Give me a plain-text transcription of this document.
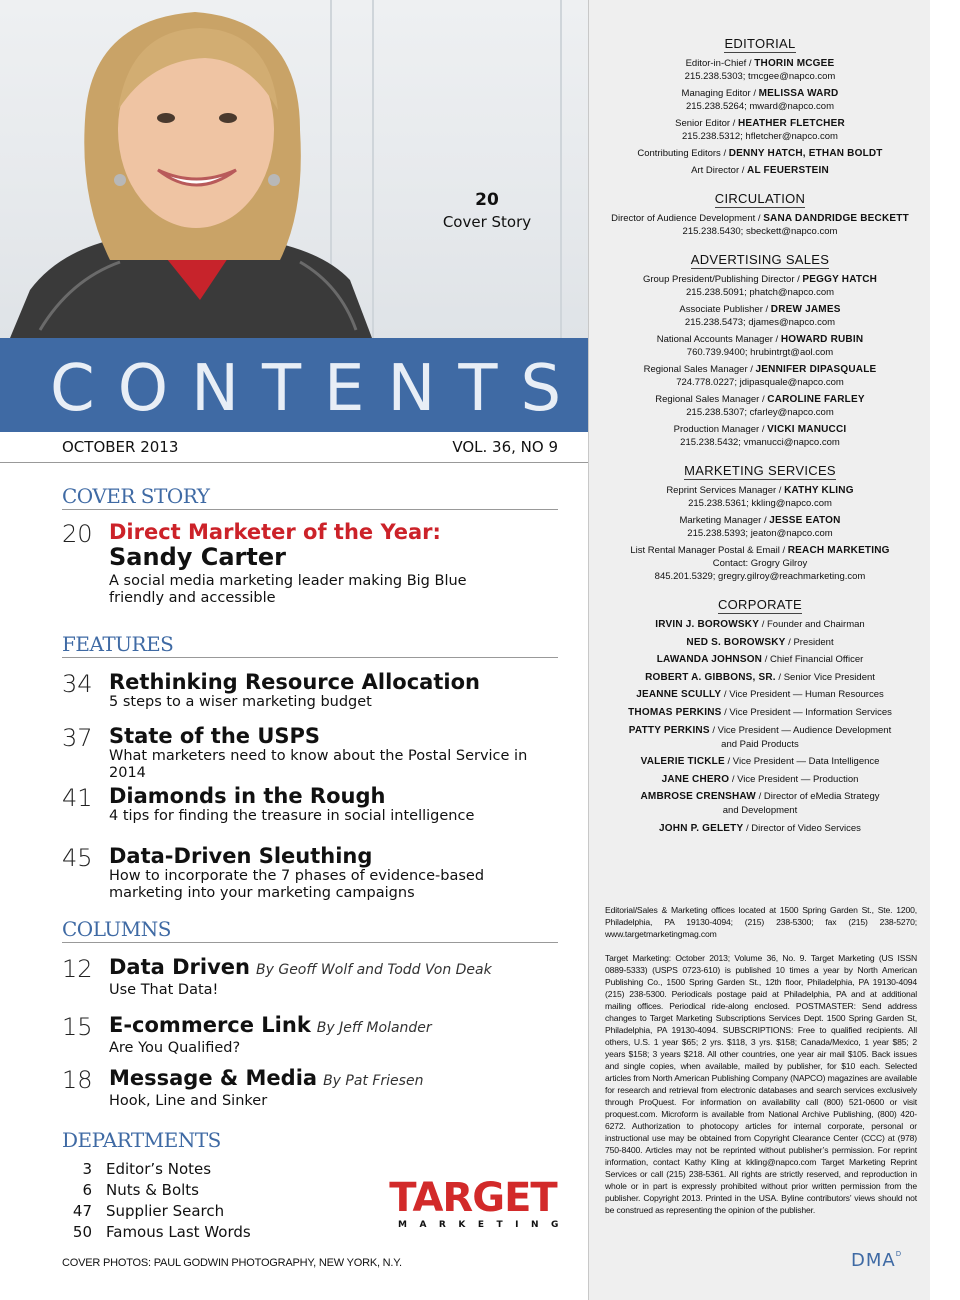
20
Cover Story
CONTENTS
OCTOBER 2013	VOL. 36, NO 9
COVER STORY
20 Direct Marketer of the Year:
Sandy Carter
A social media marketing leader making Big Blue friendly and accessible
FEATURES
34 Rethinking Resource Allocation
5 steps to a wiser marketing budget
37 State of the USPS
What marketers need to know about the Postal Service in 2014
41 Diamonds in the Rough
4 tips for finding the treasure in social intelligence
45 Data-Driven Sleuthing
How to incorporate the 7 phases of evidence-based marketing into your marketing campaigns
COLUMNS
12 Data Driven By Geoff Wolf and Todd Von Deak
Use That Data!
15 E-commerce Link By Jeff Molander
Are You Qualified?
18 Message & Media By Pat Friesen
Hook, Line and Sinker
DEPARTMENTS
3 Editor’s Notes
6 Nuts & Bolts
47 Supplier Search
50 Famous Last Words
TARGET
MARKETING
COVER PHOTOS: PAUL GODWIN PHOTOGRAPHY, NEW YORK, N.Y.
EDITORIAL
Editor-in-Chief / THORIN MCGEE
215.238.5303; tmcgee@napco.com
Managing Editor / MELISSA WARD
215.238.5264; mward@napco.com
Senior Editor / HEATHER FLETCHER
215.238.5312; hfletcher@napco.com
Contributing Editors / DENNY HATCH, ETHAN BOLDT
Art Director / AL FEUERSTEIN
CIRCULATION
Director of Audience Development / SANA DANDRIDGE BECKETT
215.238.5430; sbeckett@napco.com
ADVERTISING SALES
Group President/Publishing Director / PEGGY HATCH
215.238.5091; phatch@napco.com
Associate Publisher / DREW JAMES
215.238.5473; djames@napco.com
National Accounts Manager / HOWARD RUBIN
760.739.9400; hrubintrgt@aol.com
Regional Sales Manager / JENNIFER DIPASQUALE
724.778.0227; jdipasquale@napco.com
Regional Sales Manager / CAROLINE FARLEY
215.238.5307; cfarley@napco.com
Production Manager / VICKI MANUCCI
215.238.5432; vmanucci@napco.com
MARKETING SERVICES
Reprint Services Manager / KATHY KLING
215.238.5361; kkling@napco.com
Marketing Manager / JESSE EATON
215.238.5393; jeaton@napco.com
List Rental Manager Postal & Email / REACH MARKETING
Contact: Grogry Gilroy
845.201.5329; gregry.gilroy@reachmarketing.com
CORPORATE
IRVIN J. BOROWSKY / Founder and Chairman
NED S. BOROWSKY / President
LAWANDA JOHNSON / Chief Financial Officer
ROBERT A. GIBBONS, SR. / Senior Vice President
JEANNE SCULLY / Vice President — Human Resources
THOMAS PERKINS / Vice President — Information Services
PATTY PERKINS / Vice President — Audience Development
and Paid Products
VALERIE TICKLE / Vice President — Data Intelligence
JANE CHERO / Vice President — Production
AMBROSE CRENSHAW / Director of eMedia Strategy
and Development
JOHN P. GELETY / Director of Video Services
Editorial/Sales & Marketing offices located at 1500 Spring Garden St., Ste. 1200, Philadelphia, PA 19130-4094; (215) 238-5300; fax (215) 238-5270; www.targetmarketingmag.com
Target Marketing: October 2013; Volume 36, No. 9. Target Marketing (US ISSN 0889-5333) (USPS 0723-610) is published 10 times a year by North American Publishing Co., 1500 Spring Garden St., 12th floor, Philadelphia, PA 19130-4094 (215) 238-5300. Periodicals postage paid at Philadelphia, PA and at additional mailing offices. Periodical ride-along enclosed. POSTMASTER: Send address changes to Target Marketing Subscriptions Services Dept. 1500 Spring Garden St, Philadelphia, PA 19130-4094. SUBSCRIPTIONS: Free to qualified recipients. All others, U.S. 1 year $65; 2 yrs. $118, 3 yrs. $158; Canada/Mexico, 1 year $85; 2 years $158; 3 years $218. All other countries, one year air mail $105. Back issues and single copies, when available, mailed by publisher, for $10 each. Selected articles from North American Publishing Company (NAPCO) magazines are available for research and retrieval from electronic databases and search services exclusively through ProQuest. For information on availability call (800) 521-0600 or visit proquest.com. Microform is available from National Archive Publishing, (800) 420-6272. Authorization to photocopy articles for internal corporate, personal or instructional use may be obtained from Copyright Clearance Center (CCC) at (978) 750-8400. Articles may not be reprinted without publisher’s permission. For reprint information, contact Kathy Kling at kkling@napco.com Target Marketing Reprint Services or call (215) 238-5361. All rights are strictly reserved, and reproduction in whole or in part is expressly prohibited without prior written permission from the publisher. Copyright 2013. Printed in the USA. Byline contributors’ views should not be construed as representing the opinion of the publisher.
$DMA^D$
